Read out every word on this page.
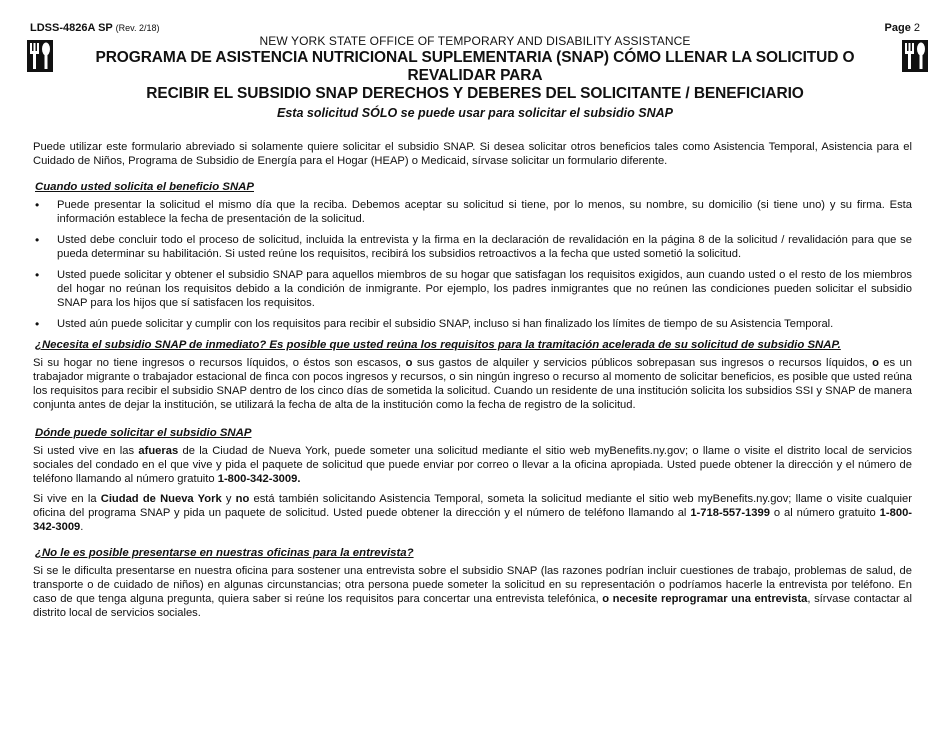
LDSS-4826A SP (Rev. 2/18)	Page 2
NEW YORK STATE OFFICE OF TEMPORARY AND DISABILITY ASSISTANCE
PROGRAMA DE ASISTENCIA NUTRICIONAL SUPLEMENTARIA (SNAP) CÓMO LLENAR LA SOLICITUD O REVALIDAR PARA
RECIBIR EL SUBSIDIO SNAP DERECHOS Y DEBERES DEL SOLICITANTE / BENEFICIARIO
Esta solicitud SÓLO se puede usar para solicitar el subsidio SNAP

Puede utilizar este formulario abreviado si solamente quiere solicitar el subsidio SNAP. Si desea solicitar otros beneficios tales como Asistencia Temporal, Asistencia para el Cuidado de Niños, Programa de Subsidio de Energía para el Hogar (HEAP) o Medicaid, sírvase solicitar un formulario diferente.

Cuando usted solicita el beneficio SNAP
• Puede presentar la solicitud el mismo día que la reciba. Debemos aceptar su solicitud si tiene, por lo menos, su nombre, su domicilio (si tiene uno) y su firma. Esta información establece la fecha de presentación de la solicitud.
• Usted debe concluir todo el proceso de solicitud, incluida la entrevista y la firma en la declaración de revalidación en la página 8 de la solicitud / revalidación para que se pueda determinar su habilitación. Si usted reúne los requisitos, recibirá los subsidios retroactivos a la fecha que usted sometió la solicitud.
• Usted puede solicitar y obtener el subsidio SNAP para aquellos miembros de su hogar que satisfagan los requisitos exigidos, aun cuando usted o el resto de los miembros del hogar no reúnan los requisitos debido a la condición de inmigrante. Por ejemplo, los padres inmigrantes que no reúnen las condiciones pueden solicitar el subsidio SNAP para los hijos que sí satisfacen los requisitos.
• Usted aún puede solicitar y cumplir con los requisitos para recibir el subsidio SNAP, incluso si han finalizado los límites de tiempo de su Asistencia Temporal.
¿Necesita el subsidio SNAP de inmediato? Es posible que usted reúna los requisitos para la tramitación acelerada de su solicitud de subsidio SNAP.

Si su hogar no tiene ingresos o recursos líquidos, o éstos son escasos, o sus gastos de alquiler y servicios públicos sobrepasan sus ingresos o recursos líquidos, o es un trabajador migrante o trabajador estacional de finca con pocos ingresos y recursos, o sin ningún ingreso o recurso al momento de solicitar beneficios, es posible que usted reúna los requisitos para recibir el subsidio SNAP dentro de los cinco días de sometida la solicitud. Cuando un residente de una institución solicita los subsidios SSI y SNAP de manera conjunta antes de dejar la institución, se utilizará la fecha de alta de la institución como la fecha de registro de la solicitud.

Dónde puede solicitar el subsidio SNAP

Si usted vive en las afueras de la Ciudad de Nueva York, puede someter una solicitud mediante el sitio web myBenefits.ny.gov; o llame o visite el distrito local de servicios sociales del condado en el que vive y pida el paquete de solicitud que puede enviar por correo o llevar a la oficina apropiada. Usted puede obtener la dirección y el número de teléfono llamando al número gratuito 1-800-342-3009.

Si vive en la Ciudad de Nueva York y no está también solicitando Asistencia Temporal, someta la solicitud mediante el sitio web myBenefits.ny.gov; llame o visite cualquier oficina del programa SNAP y pida un paquete de solicitud. Usted puede obtener la dirección y el número de teléfono llamando al 1-718-557-1399 o al número gratuito 1-800-342-3009.

¿No le es posible presentarse en nuestras oficinas para la entrevista?

Si se le dificulta presentarse en nuestra oficina para sostener una entrevista sobre el subsidio SNAP (las razones podrían incluir cuestiones de trabajo, problemas de salud, de transporte o de cuidado de niños) en algunas circunstancias; otra persona puede someter la solicitud en su representación o podríamos hacerle la entrevista por teléfono. En caso de que tenga alguna pregunta, quiera saber si reúne los requisitos para concertar una entrevista telefónica, o necesite reprogramar una entrevista, sírvase contactar al distrito local de servicios sociales.
